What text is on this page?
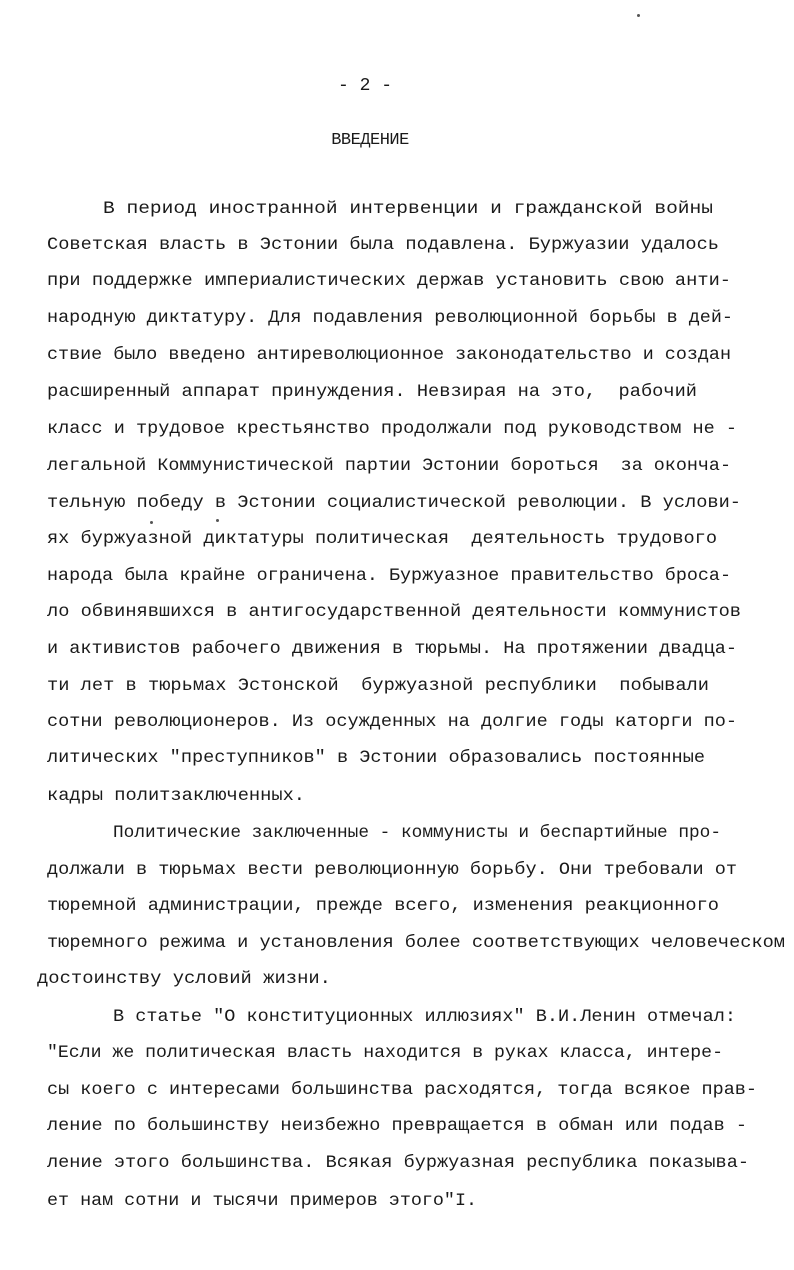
- 2 -
ВВЕДЕНИЕ
В период иностранной интервенции и гражданской войны
Советская власть в Эстонии была подавлена. Буржуазии удалось
при поддержке империалистических держав установить свою анти-
народную диктатуру. Для подавления революционной борьбы в дей-
ствие было введено антиреволюционное законодательство и создан
расширенный аппарат принуждения. Невзирая на это,  рабочий
класс и трудовое крестьянство продолжали под руководством не -
легальной Коммунистической партии Эстонии бороться  за оконча-
тельную победу в Эстонии социалистической революции. В услови-
ях буржуазной диктатуры политическая  деятельность трудового
народа была крайне ограничена. Буржуазное правительство броса-
ло обвинявшихся в антигосударственной деятельности коммунистов
и активистов рабочего движения в тюрьмы. На протяжении двадца-
ти лет в тюрьмах Эстонской  буржуазной республики  побывали
сотни революционеров. Из осужденных на долгие годы каторги по-
литических "преступников" в Эстонии образовались постоянные
кадры политзаключенных.
Политические заключенные - коммунисты и беспартийные про-
должали в тюрьмах вести революционную борьбу. Они требовали от
тюремной администрации, прежде всего, изменения реакционного
тюремного режима и установления более соответствующих человеческом
достоинству условий жизни.
В статье "О конституционных иллюзиях" В.И.Ленин отмечал:
"Если же политическая власть находится в руках класса, интере-
сы коего с интересами большинства расходятся, тогда всякое прав-
ление по большинству неизбежно превращается в обман или подав -
ление этого большинства. Всякая буржуазная республика показыва-
ет нам сотни и тысячи примеров этого"I.
